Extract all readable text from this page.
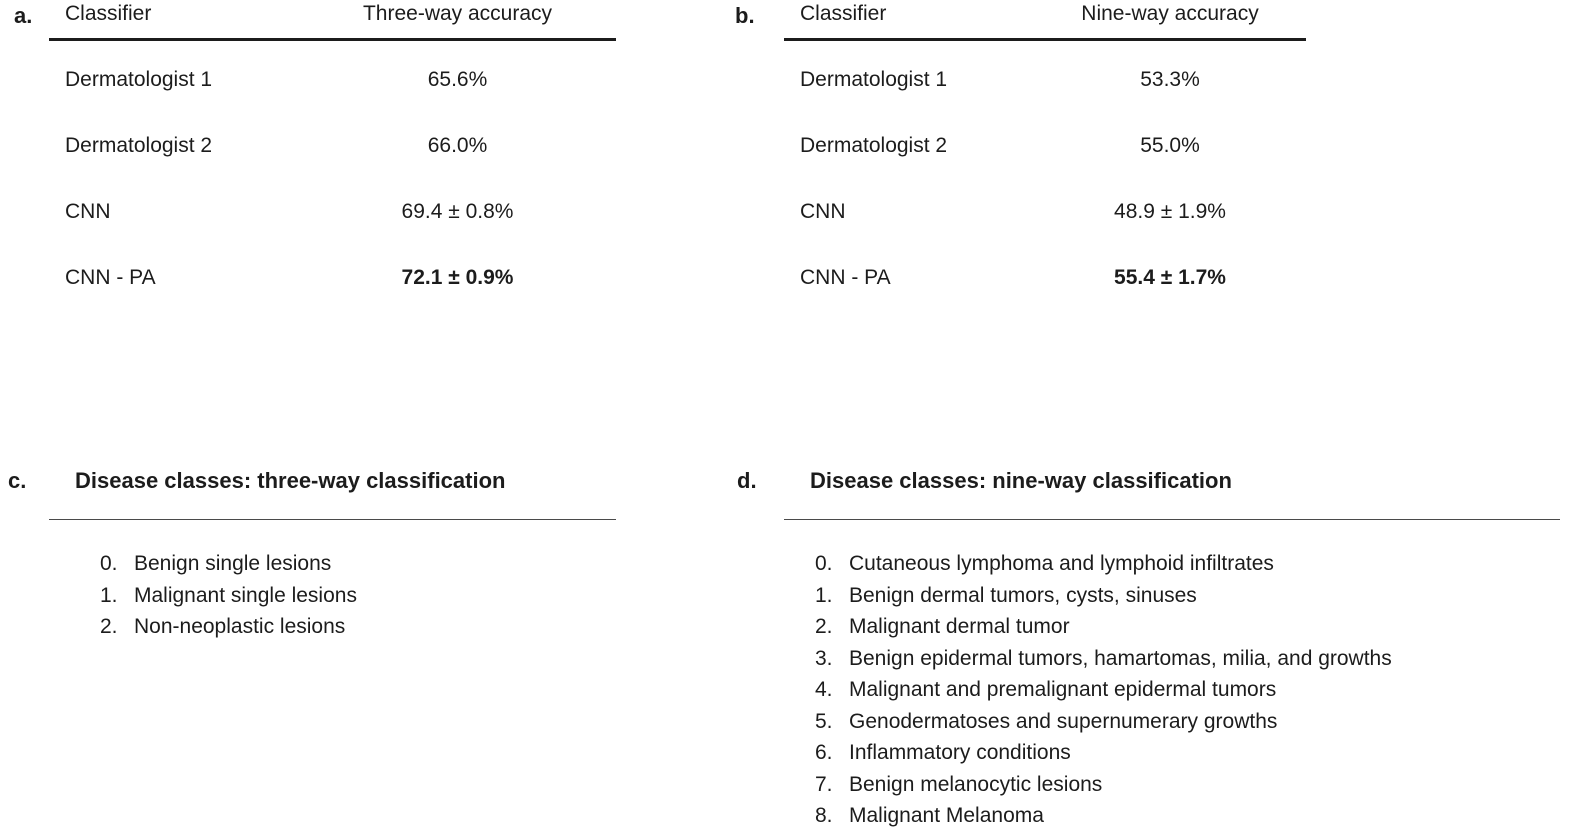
a.	Classifier	Three-way accuracy
Dermatologist 1	65.6%
Dermatologist 2	66.0%
CNN	69.4 ± 0.8%
CNN - PA	72.1 ± 0.9%
b.	Classifier	Nine-way accuracy
Dermatologist 1	53.3%
Dermatologist 2	55.0%
CNN	48.9 ± 1.9%
CNN - PA	55.4 ± 1.7%
c. Disease classes: three-way classification
0. Benign single lesions
1. Malignant single lesions
2. Non-neoplastic lesions
d. Disease classes: nine-way classification
0. Cutaneous lymphoma and lymphoid infiltrates
1. Benign dermal tumors, cysts, sinuses
2. Malignant dermal tumor
3. Benign epidermal tumors, hamartomas, milia, and growths
4. Malignant and premalignant epidermal tumors
5. Genodermatoses and supernumerary growths
6. Inflammatory conditions
7. Benign melanocytic lesions
8. Malignant Melanoma
